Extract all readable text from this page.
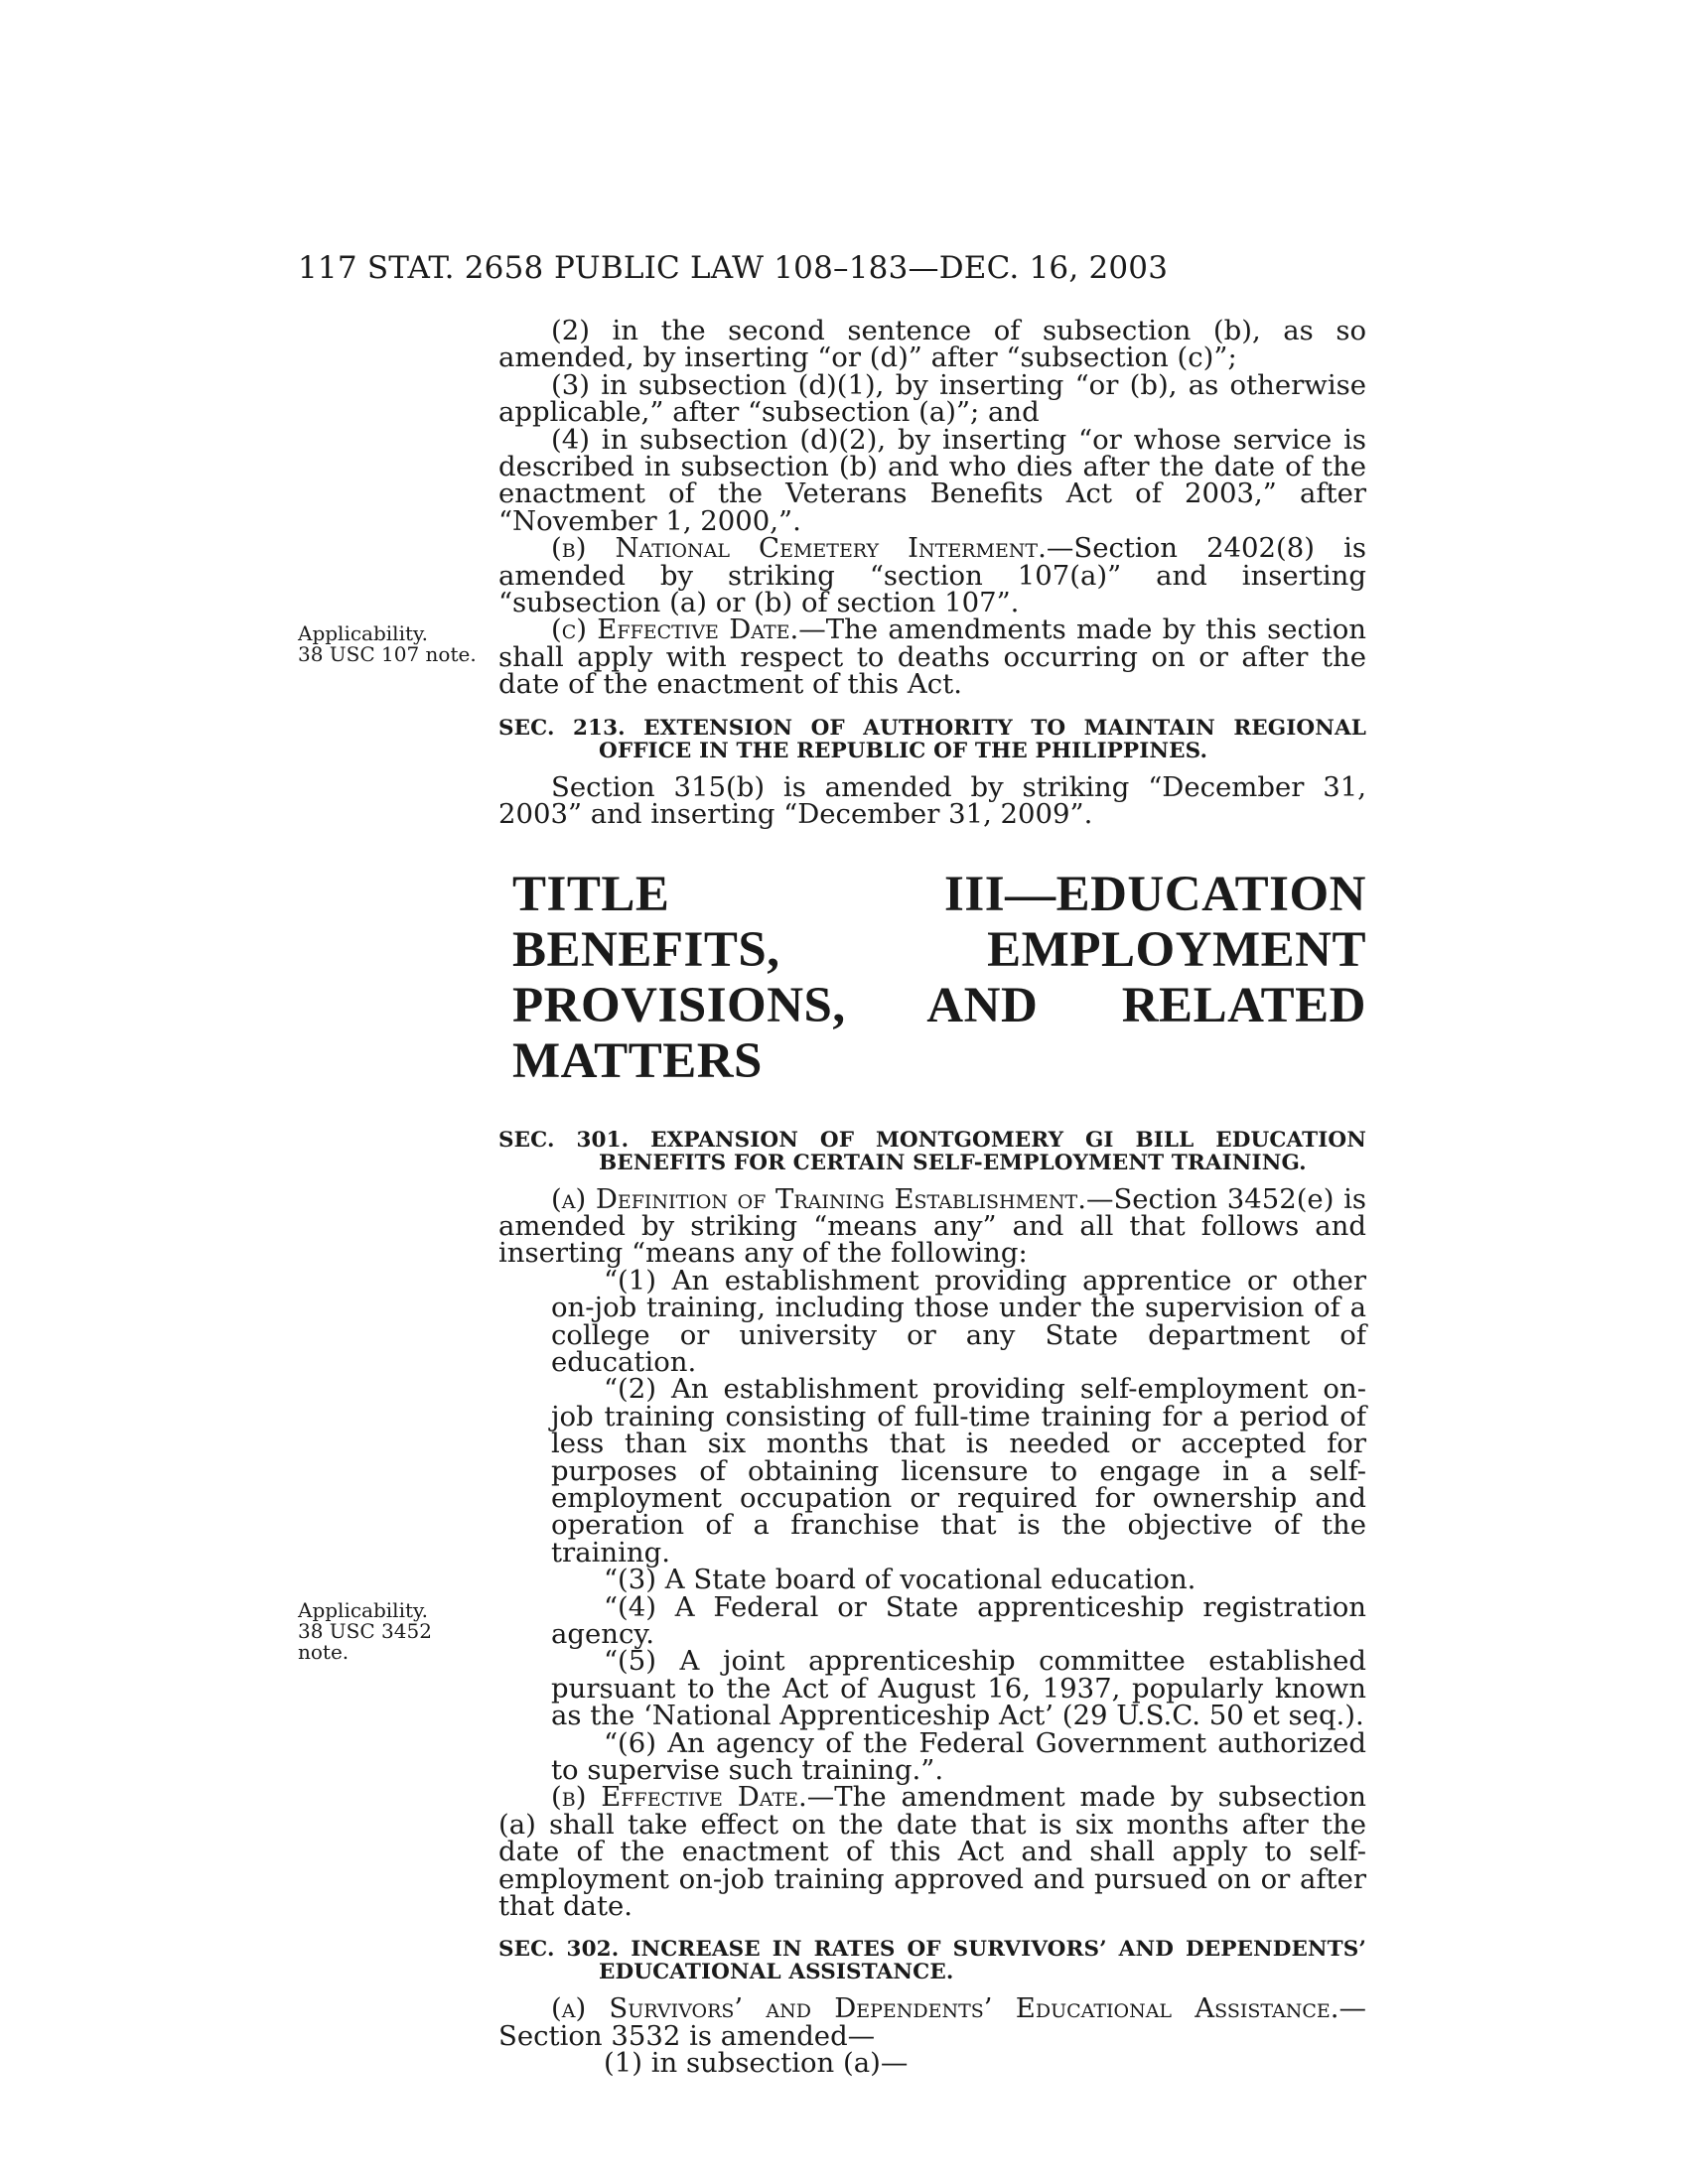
117 STAT. 2658 PUBLIC LAW 108–183—DEC. 16, 2003
Applicability.
38 USC 107 note.
Applicability.
38 USC 3452
note.

(2) in the second sentence of subsection (b), as so amended, by inserting “or (d)” after “subsection (c)”;

(3) in subsection (d)(1), by inserting “or (b), as otherwise applicable,” after “subsection (a)”; and

(4) in subsection (d)(2), by inserting “or whose service is described in subsection (b) and who dies after the date of the enactment of the Veterans Benefits Act of 2003,” after “November 1, 2000,”.

(b) National Cemetery Interment.—Section 2402(8) is amended by striking “section 107(a)” and inserting “subsection (a) or (b) of section 107”.

(c) Effective Date.—The amendments made by this section shall apply with respect to deaths occurring on or after the date of the enactment of this Act.

SEC. 213. EXTENSION OF AUTHORITY TO MAINTAIN REGIONAL OFFICE IN THE REPUBLIC OF THE PHILIPPINES.

Section 315(b) is amended by striking “December 31, 2003” and inserting “December 31, 2009”.

TITLE III—EDUCATION BENEFITS, EMPLOYMENT PROVISIONS, AND RELATED MATTERS

SEC. 301. EXPANSION OF MONTGOMERY GI BILL EDUCATION BENEFITS FOR CERTAIN SELF-EMPLOYMENT TRAINING.

(a) Definition of Training Establishment.—Section 3452(e) is amended by striking “means any” and all that follows and inserting “means any of the following:

“(1) An establishment providing apprentice or other on-job training, including those under the supervision of a college or university or any State department of education.

“(2) An establishment providing self-employment on-job training consisting of full-time training for a period of less than six months that is needed or accepted for purposes of obtaining licensure to engage in a self-employment occupation or required for ownership and operation of a franchise that is the objective of the training.

“(3) A State board of vocational education.

“(4) A Federal or State apprenticeship registration agency.

“(5) A joint apprenticeship committee established pursuant to the Act of August 16, 1937, popularly known as the ‘National Apprenticeship Act’ (29 U.S.C. 50 et seq.).

“(6) An agency of the Federal Government authorized to supervise such training.”.

(b) Effective Date.—The amendment made by subsection (a) shall take effect on the date that is six months after the date of the enactment of this Act and shall apply to self-employment on-job training approved and pursued on or after that date.

SEC. 302. INCREASE IN RATES OF SURVIVORS’ AND DEPENDENTS’ EDUCATIONAL ASSISTANCE.

(a) Survivors’ and Dependents’ Educational Assistance.—Section 3532 is amended—

(1) in subsection (a)—
